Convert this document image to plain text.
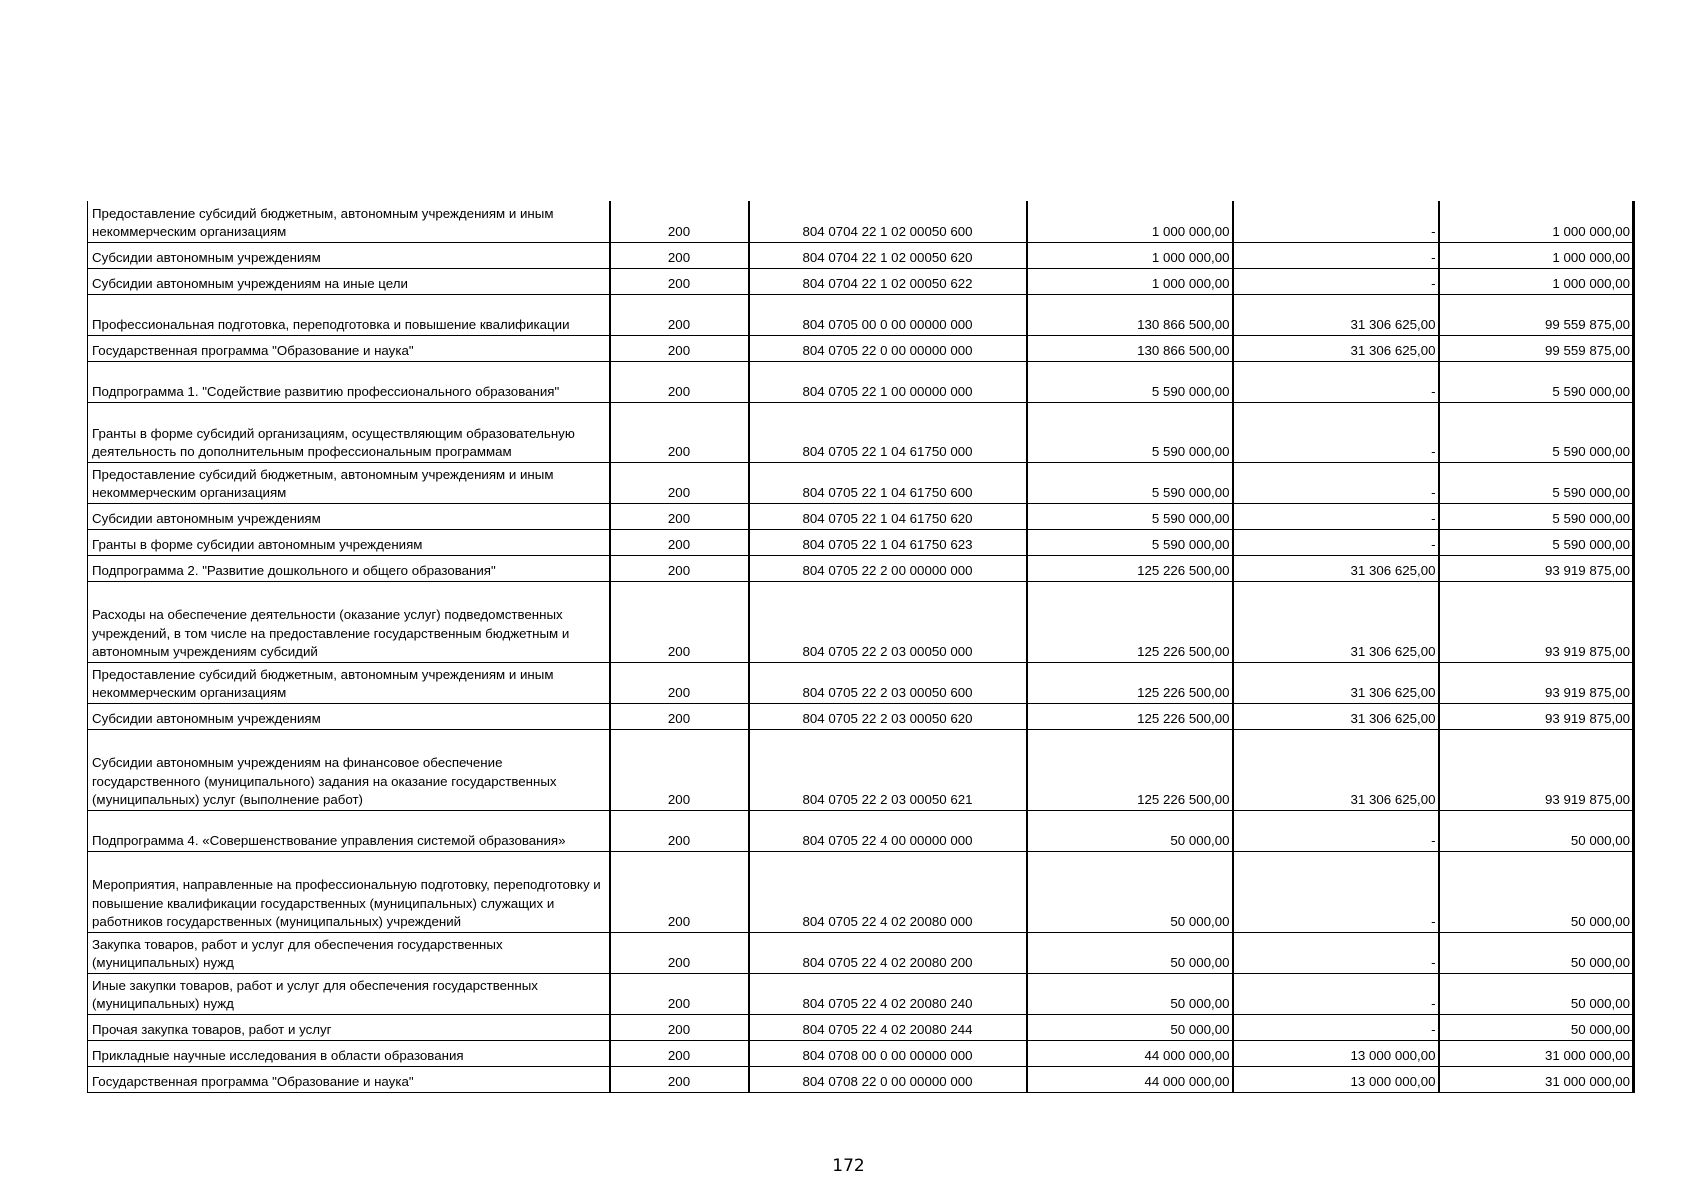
Предоставление субсидий бюджетным, автономным учреждениям и иным некоммерческим организациям	200	804 0704 22 1 02 00050 600	1 000 000,00	-	1 000 000,00
Субсидии автономным учреждениям	200	804 0704 22 1 02 00050 620	1 000 000,00	-	1 000 000,00
Субсидии автономным учреждениям на иные цели	200	804 0704 22 1 02 00050 622	1 000 000,00	-	1 000 000,00
Профессиональная подготовка, переподготовка и повышение квалификации	200	804 0705 00 0 00 00000 000	130 866 500,00	31 306 625,00	99 559 875,00
Государственная программа "Образование и наука"	200	804 0705 22 0 00 00000 000	130 866 500,00	31 306 625,00	99 559 875,00
Подпрограмма 1. "Содействие развитию профессионального образования"	200	804 0705 22 1 00 00000 000	5 590 000,00	-	5 590 000,00
Гранты в форме субсидий организациям, осуществляющим образовательную деятельность по дополнительным профессиональным программам	200	804 0705 22 1 04 61750 000	5 590 000,00	-	5 590 000,00
Предоставление субсидий бюджетным, автономным учреждениям и иным некоммерческим организациям	200	804 0705 22 1 04 61750 600	5 590 000,00	-	5 590 000,00
Субсидии автономным учреждениям	200	804 0705 22 1 04 61750 620	5 590 000,00	-	5 590 000,00
Гранты в форме субсидии автономным учреждениям	200	804 0705 22 1 04 61750 623	5 590 000,00	-	5 590 000,00
Подпрограмма 2. "Развитие дошкольного и общего образования"	200	804 0705 22 2 00 00000 000	125 226 500,00	31 306 625,00	93 919 875,00
Расходы на обеспечение деятельности (оказание услуг) подведомственных учреждений, в том числе на предоставление государственным бюджетным и автономным учреждениям субсидий	200	804 0705 22 2 03 00050 000	125 226 500,00	31 306 625,00	93 919 875,00
Предоставление субсидий бюджетным, автономным учреждениям и иным некоммерческим организациям	200	804 0705 22 2 03 00050 600	125 226 500,00	31 306 625,00	93 919 875,00
Субсидии автономным учреждениям	200	804 0705 22 2 03 00050 620	125 226 500,00	31 306 625,00	93 919 875,00
Субсидии автономным учреждениям на финансовое обеспечение государственного (муниципального) задания на оказание государственных (муниципальных) услуг (выполнение работ)	200	804 0705 22 2 03 00050 621	125 226 500,00	31 306 625,00	93 919 875,00
Подпрограмма 4. «Совершенствование управления системой образования»	200	804 0705 22 4 00 00000 000	50 000,00	-	50 000,00
Мероприятия, направленные на профессиональную подготовку, переподготовку и повышение квалификации государственных (муниципальных) служащих и работников государственных (муниципальных) учреждений	200	804 0705 22 4 02 20080 000	50 000,00	-	50 000,00
Закупка товаров, работ и услуг для обеспечения государственных (муниципальных) нужд	200	804 0705 22 4 02 20080 200	50 000,00	-	50 000,00
Иные закупки товаров, работ и услуг для обеспечения государственных (муниципальных) нужд	200	804 0705 22 4 02 20080 240	50 000,00	-	50 000,00
Прочая закупка товаров, работ и услуг	200	804 0705 22 4 02 20080 244	50 000,00	-	50 000,00
Прикладные научные исследования в области образования	200	804 0708 00 0 00 00000 000	44 000 000,00	13 000 000,00	31 000 000,00
Государственная программа "Образование и наука"	200	804 0708 22 0 00 00000 000	44 000 000,00	13 000 000,00	31 000 000,00
172
